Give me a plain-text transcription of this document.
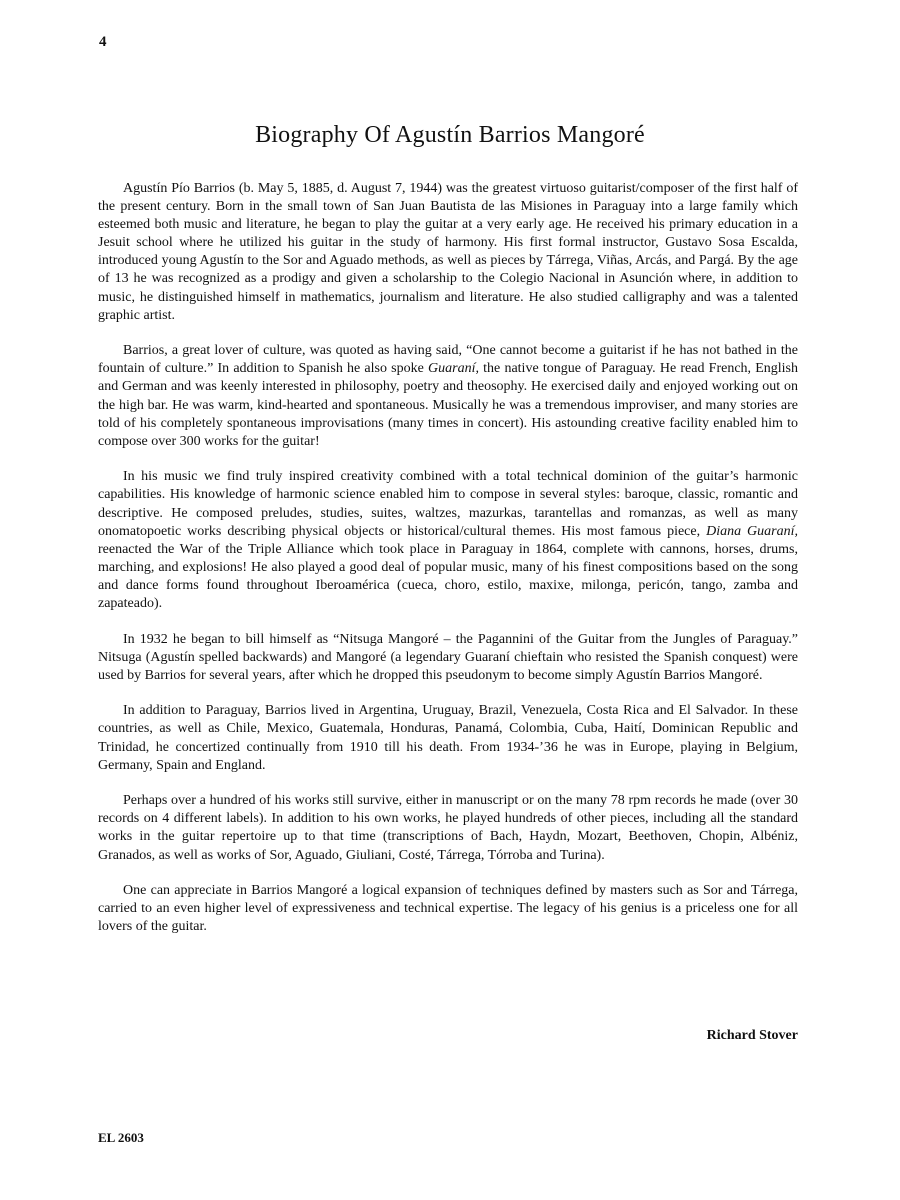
4
Biography Of Agustín Barrios Mangoré

Agustín Pío Barrios (b. May 5, 1885, d. August 7, 1944) was the greatest virtuoso guitarist/composer of the first half of the present century. Born in the small town of San Juan Bautista de las Misiones in Paraguay into a large family which esteemed both music and literature, he began to play the guitar at a very early age. He received his primary education in a Jesuit school where he utilized his guitar in the study of harmony. His first formal instructor, Gustavo Sosa Escalda, introduced young Agustín to the Sor and Aguado methods, as well as pieces by Tárrega, Viñas, Arcás, and Pargá. By the age of 13 he was recognized as a prodigy and given a scholarship to the Colegio Nacional in Asunción where, in addition to music, he distinguished himself in mathematics, journalism and literature. He also studied calligraphy and was a talented graphic artist.

Barrios, a great lover of culture, was quoted as having said, “One cannot become a guitarist if he has not bathed in the fountain of culture.” In addition to Spanish he also spoke Guaraní, the native tongue of Paraguay. He read French, English and German and was keenly interested in philosophy, poetry and theosophy. He exercised daily and enjoyed working out on the high bar. He was warm, kind-hearted and spontaneous. Musically he was a tremendous improviser, and many stories are told of his completely spontaneous improvisations (many times in concert). His astounding creative facility enabled him to compose over 300 works for the guitar!

In his music we find truly inspired creativity combined with a total technical dominion of the guitar’s harmonic capabilities. His knowledge of harmonic science enabled him to compose in several styles: baroque, classic, romantic and descriptive. He composed preludes, studies, suites, waltzes, mazurkas, tarantellas and romanzas, as well as many onomatopoetic works describing physical objects or historical/cultural themes. His most famous piece, Diana Guaraní, reenacted the War of the Triple Alliance which took place in Paraguay in 1864, complete with cannons, horses, drums, marching, and explosions! He also played a good deal of popular music, many of his finest compositions based on the song and dance forms found throughout Iberoamérica (cueca, choro, estilo, maxixe, milonga, pericón, tango, zamba and zapateado).

In 1932 he began to bill himself as “Nitsuga Mangoré – the Pagannini of the Guitar from the Jungles of Paraguay.” Nitsuga (Agustín spelled backwards) and Mangoré (a legendary Guaraní chieftain who resisted the Spanish conquest) were used by Barrios for several years, after which he dropped this pseudonym to become simply Agustín Barrios Mangoré.

In addition to Paraguay, Barrios lived in Argentina, Uruguay, Brazil, Venezuela, Costa Rica and El Salvador. In these countries, as well as Chile, Mexico, Guatemala, Honduras, Panamá, Colombia, Cuba, Haití, Dominican Republic and Trinidad, he concertized continually from 1910 till his death. From 1934-’36 he was in Europe, playing in Belgium, Germany, Spain and England.

Perhaps over a hundred of his works still survive, either in manuscript or on the many 78 rpm records he made (over 30 records on 4 different labels). In addition to his own works, he played hundreds of other pieces, including all the standard works in the guitar repertoire up to that time (transcriptions of Bach, Haydn, Mozart, Beethoven, Chopin, Albéniz, Granados, as well as works of Sor, Aguado, Giuliani, Costé, Tárrega, Tórroba and Turina).

One can appreciate in Barrios Mangoré a logical expansion of techniques defined by masters such as Sor and Tárrega, carried to an even higher level of expressiveness and technical expertise. The legacy of his genius is a priceless one for all lovers of the guitar.

Richard Stover
EL 2603
